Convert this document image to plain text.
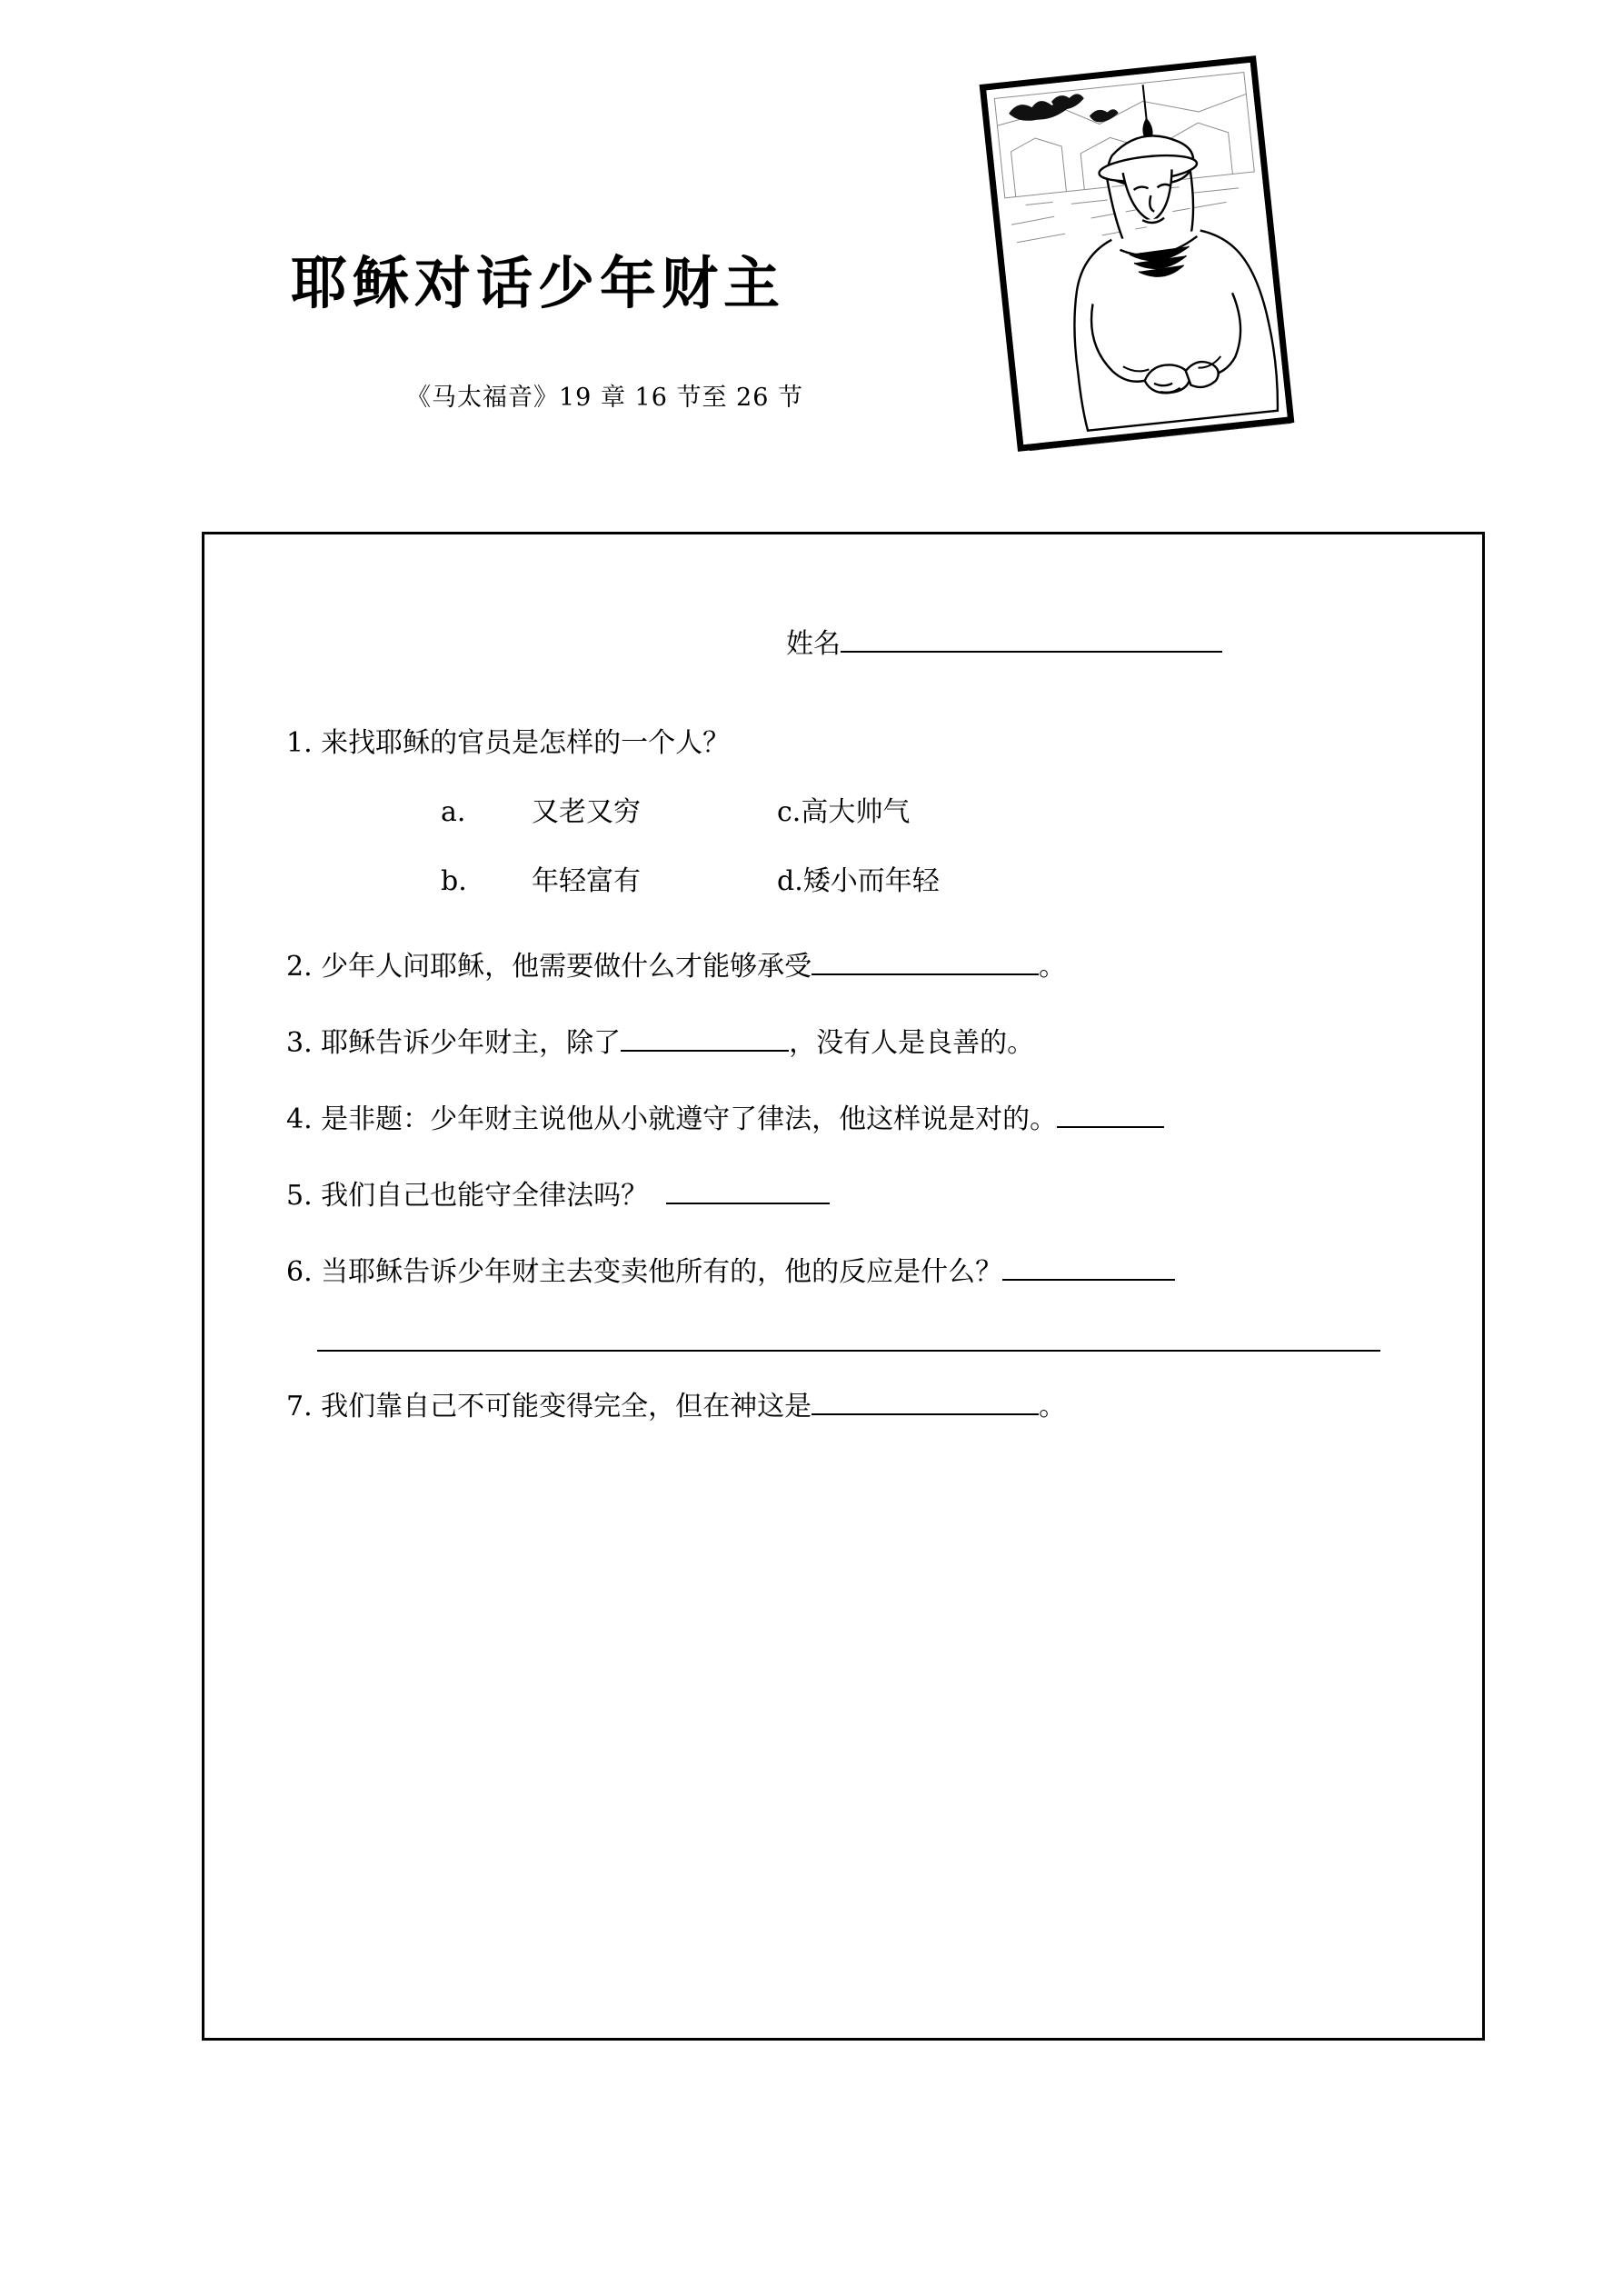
耶稣对话少年财主
《马太福音》19 章 16 节至 26 节
姓名
1. 来找耶稣的官员是怎样的一个人？
a. 又老又穷	c.高大帅气
b. 年轻富有	d.矮小而年轻
2. 少年人问耶稣，他需要做什么才能够承受	。
3. 耶稣告诉少年财主，除了	，没有人是良善的。
4. 是非题：少年财主说他从小就遵守了律法，他这样说是对的。
5. 我们自己也能守全律法吗？
6. 当耶稣告诉少年财主去变卖他所有的，他的反应是什么？
7. 我们靠自己不可能变得完全，但在神这是	。
